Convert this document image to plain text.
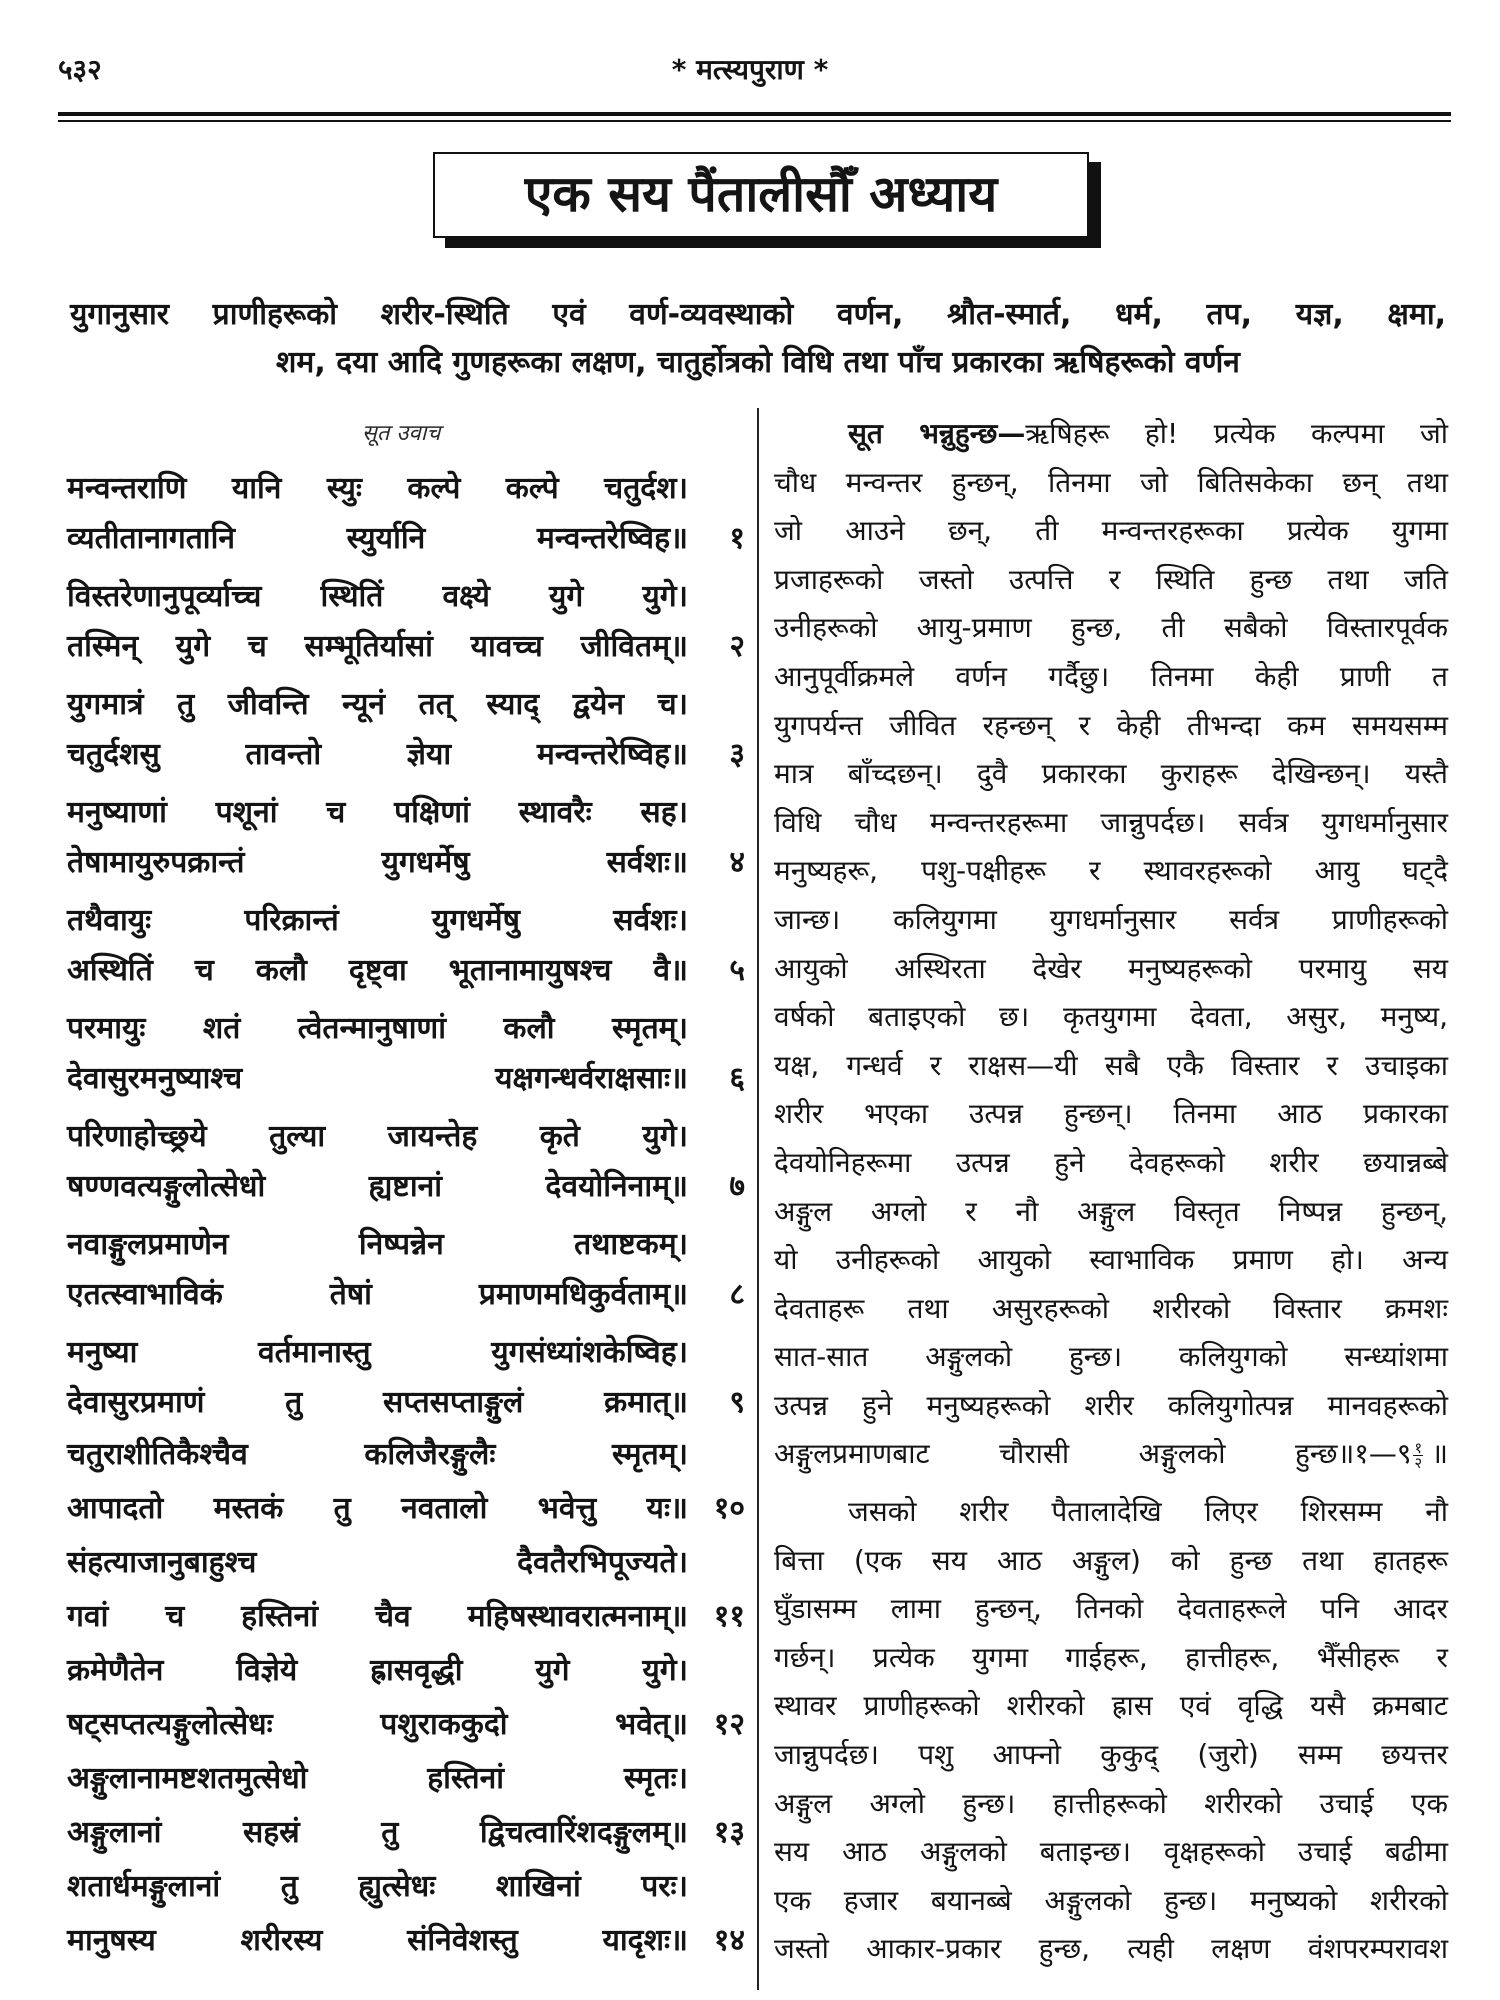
५३२	* मत्स्यपुराण *
एक सय पैंतालीसौँ अध्याय
युगानुसार प्राणीहरूको शरीर-स्थिति एवं वर्ण-व्यवस्थाको वर्णन, श्रौत-स्मार्त, धर्म, तप, यज्ञ, क्षमा,
शम, दया आदि गुणहरूका लक्षण, चातुर्होत्रको विधि तथा पाँच प्रकारका ऋषिहरूको वर्णन
सूत उवाच
मन्वन्तराणि यानि स्युः कल्पे कल्पे चतुर्दश।
व्यतीतानागतानि स्युर्यानि मन्वन्तरेष्विह॥	१
विस्तरेणानुपूर्व्याच्च स्थितिं वक्ष्ये युगे युगे।
तस्मिन् युगे च सम्भूतिर्यासां यावच्च जीवितम्॥	२
युगमात्रं तु जीवन्ति न्यूनं तत् स्याद् द्वयेन च।
चतुर्दशसु तावन्तो ज्ञेया मन्वन्तरेष्विह॥	३
मनुष्याणां पशूनां च पक्षिणां स्थावरैः सह।
तेषामायुरुपक्रान्तं युगधर्मेषु सर्वशः॥	४
तथैवायुः परिक्रान्तं युगधर्मेषु सर्वशः।
अस्थितिं च कलौ दृष्ट्वा भूतानामायुषश्च वै॥	५
परमायुः शतं त्वेतन्मानुषाणां कलौ स्मृतम्।
देवासुरमनुष्याश्च यक्षगन्धर्वराक्षसाः॥	६
परिणाहोच्छ्रये तुल्या जायन्तेह कृते युगे।
षण्णवत्यङ्गुलोत्सेधो ह्यष्टानां देवयोनिनाम्॥	७
नवाङ्गुलप्रमाणेन निष्पन्नेन तथाष्टकम्।
एतत्स्वाभाविकं तेषां प्रमाणमधिकुर्वताम्॥	८
मनुष्या वर्तमानास्तु युगसंध्यांशकेष्विह।
देवासुरप्रमाणं तु सप्तसप्ताङ्गुलं क्रमात्॥	९
चतुराशीतिकैश्चैव कलिजैरङ्गुलैः स्मृतम्।
आपादतो मस्तकं तु नवतालो भवेत्तु यः॥ १०
संहत्याजानुबाहुश्च दैवतैरभिपूज्यते।
गवां च हस्तिनां चैव महिषस्थावरात्मनाम्॥ ११
क्रमेणैतेन विज्ञेये ह्रासवृद्धी युगे युगे।
षट्सप्तत्यङ्गुलोत्सेधः पशुराककुदो भवेत्॥ १२
अङ्गुलानामष्टशतमुत्सेधो हस्तिनां स्मृतः।
अङ्गुलानां सहस्रं तु द्विचत्वारिंशदङ्गुलम्॥ १३
शतार्धमङ्गुलानां तु ह्युत्सेधः शाखिनां परः।
मानुषस्य शरीरस्य संनिवेशस्तु यादृशः॥ १४
सूत भन्नुहुन्छ—ऋषिहरू हो! प्रत्येक कल्पमा जो
चौध मन्वन्तर हुन्छन्, तिनमा जो बितिसकेका छन् तथा
जो आउने छन्, ती मन्वन्तरहरूका प्रत्येक युगमा
प्रजाहरूको जस्तो उत्पत्ति र स्थिति हुन्छ तथा जति
उनीहरूको आयु-प्रमाण हुन्छ, ती सबैको विस्तारपूर्वक
आनुपूर्वीक्रमले वर्णन गर्दैछु। तिनमा केही प्राणी त
युगपर्यन्त जीवित रहन्छन् र केही तीभन्दा कम समयसम्म
मात्र बाँच्दछन्। दुवै प्रकारका कुराहरू देखिन्छन्। यस्तै
विधि चौध मन्वन्तरहरूमा जान्नुपर्दछ। सर्वत्र युगधर्मानुसार
मनुष्यहरू, पशु-पक्षीहरू र स्थावरहरूको आयु घट्दै
जान्छ। कलियुगमा युगधर्मानुसार सर्वत्र प्राणीहरूको
आयुको अस्थिरता देखेर मनुष्यहरूको परमायु सय
वर्षको बताइएको छ। कृतयुगमा देवता, असुर, मनुष्य,
यक्ष, गन्धर्व र राक्षस—यी सबै एकै विस्तार र उचाइका
शरीर भएका उत्पन्न हुन्छन्। तिनमा आठ प्रकारका
देवयोनिहरूमा उत्पन्न हुने देवहरूको शरीर छयान्नब्बे
अङ्गुल अग्लो र नौ अङ्गुल विस्तृत निष्पन्न हुन्छन्,
यो उनीहरूको आयुको स्वाभाविक प्रमाण हो। अन्य
देवताहरू तथा असुरहरूको शरीरको विस्तार क्रमशः
सात-सात अङ्गुलको हुन्छ। कलियुगको सन्ध्यांशमा
उत्पन्न हुने मनुष्यहरूको शरीर कलियुगोत्पन्न मानवहरूको
अङ्गुलप्रमाणबाट चौरासी अङ्गुलको हुन्छ॥१—९ $\frac{१}{२}$ ॥
जसको शरीर पैतालादेखि लिएर शिरसम्म नौ
बित्ता (एक सय आठ अङ्गुल) को हुन्छ तथा हातहरू
घुँडासम्म लामा हुन्छन्, तिनको देवताहरूले पनि आदर
गर्छन्। प्रत्येक युगमा गाईहरू, हात्तीहरू, भैँसीहरू र
स्थावर प्राणीहरूको शरीरको ह्रास एवं वृद्धि यसै क्रमबाट
जान्नुपर्दछ। पशु आफ्नो कुकुद् (जुरो) सम्म छयत्तर
अङ्गुल अग्लो हुन्छ। हात्तीहरूको शरीरको उचाई एक
सय आठ अङ्गुलको बताइन्छ। वृक्षहरूको उचाई बढीमा
एक हजार बयानब्बे अङ्गुलको हुन्छ। मनुष्यको शरीरको
जस्तो आकार-प्रकार हुन्छ, त्यही लक्षण वंशपरम्परावश
